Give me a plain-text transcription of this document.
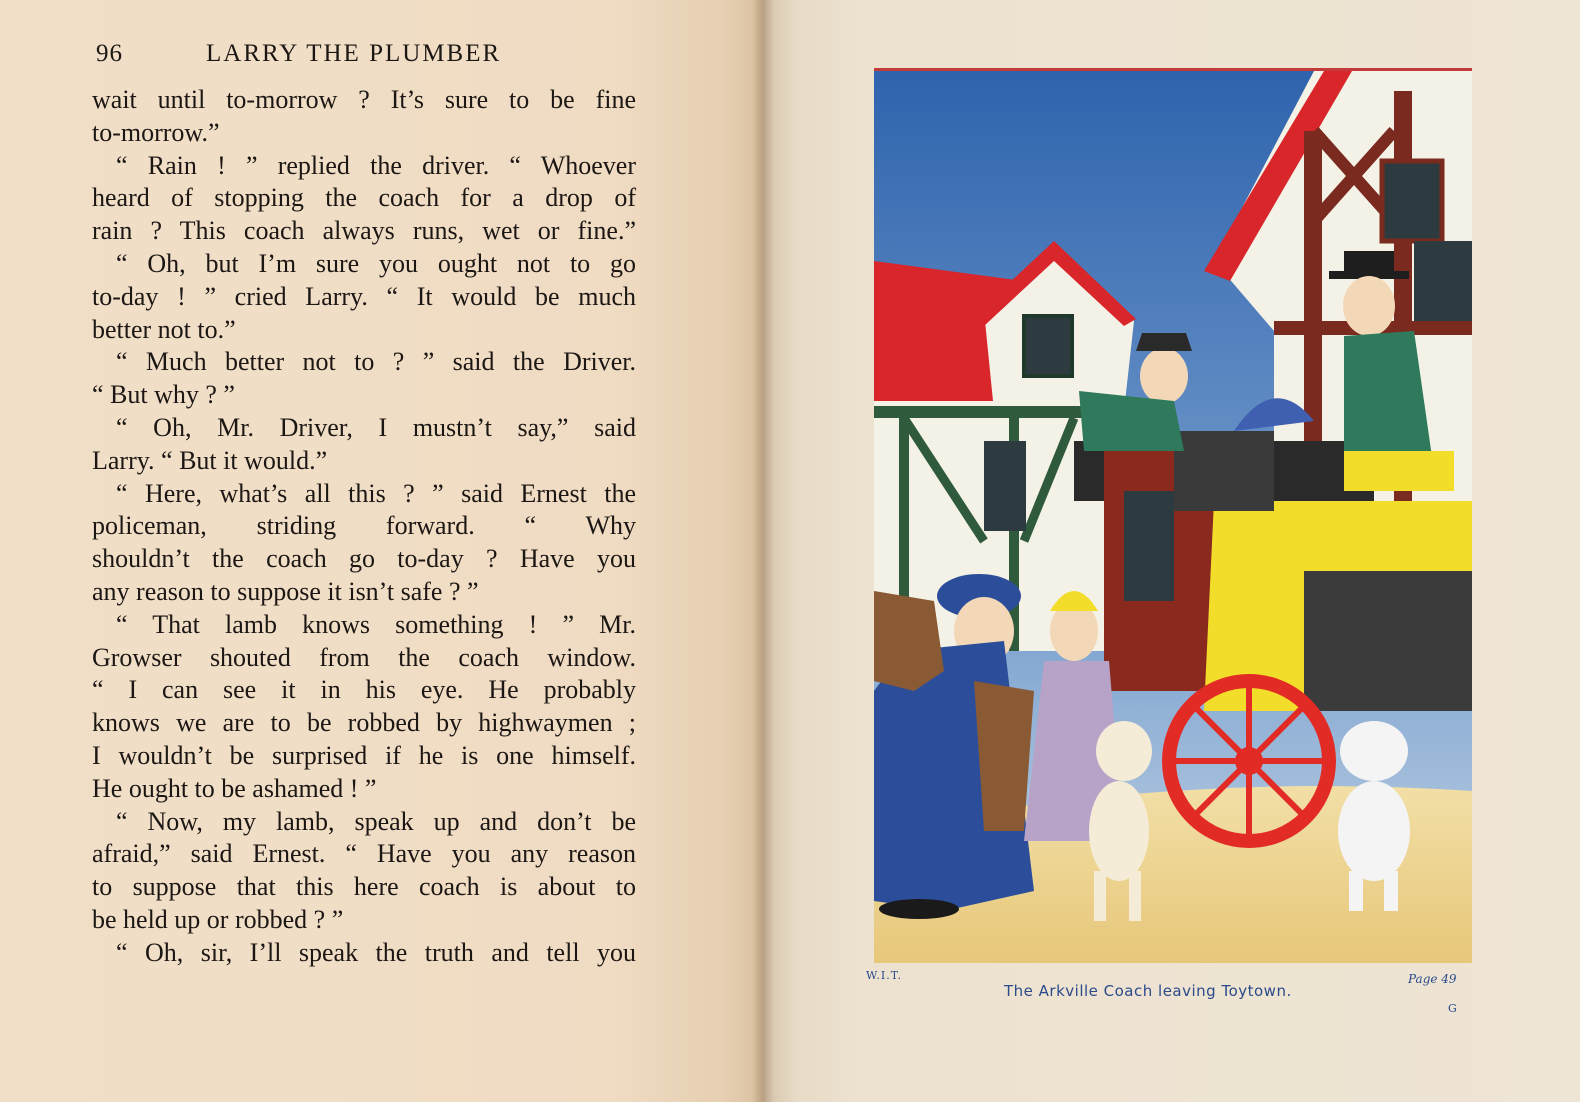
96	LARRY THE PLUMBER
wait until to-morrow ? It’s sure to be fine
to-morrow.”
“ Rain ! ” replied the driver. “ Whoever
heard of stopping the coach for a drop of
rain ? This coach always runs, wet or fine.”
“ Oh, but I’m sure you ought not to go
to-day ! ” cried Larry. “ It would be much
better not to.”
“ Much better not to ? ” said the Driver.
“ But why ? ”
“ Oh, Mr. Driver, I mustn’t say,” said
Larry. “ But it would.”
“ Here, what’s all this ? ” said Ernest the
policeman, striding forward. “ Why
shouldn’t the coach go to-day ? Have you
any reason to suppose it isn’t safe ? ”
“ That lamb knows something ! ” Mr.
Growser shouted from the coach window.
“ I can see it in his eye. He probably
knows we are to be robbed by highwaymen ;
I wouldn’t be surprised if he is one himself.
He ought to be ashamed ! ”
“ Now, my lamb, speak up and don’t be
afraid,” said Ernest. “ Have you any reason
to suppose that this here coach is about to
be held up or robbed ? ”
“ Oh, sir, I’ll speak the truth and tell you
W.I.T.
The Arkville Coach leaving Toytown.
Page 49
G
